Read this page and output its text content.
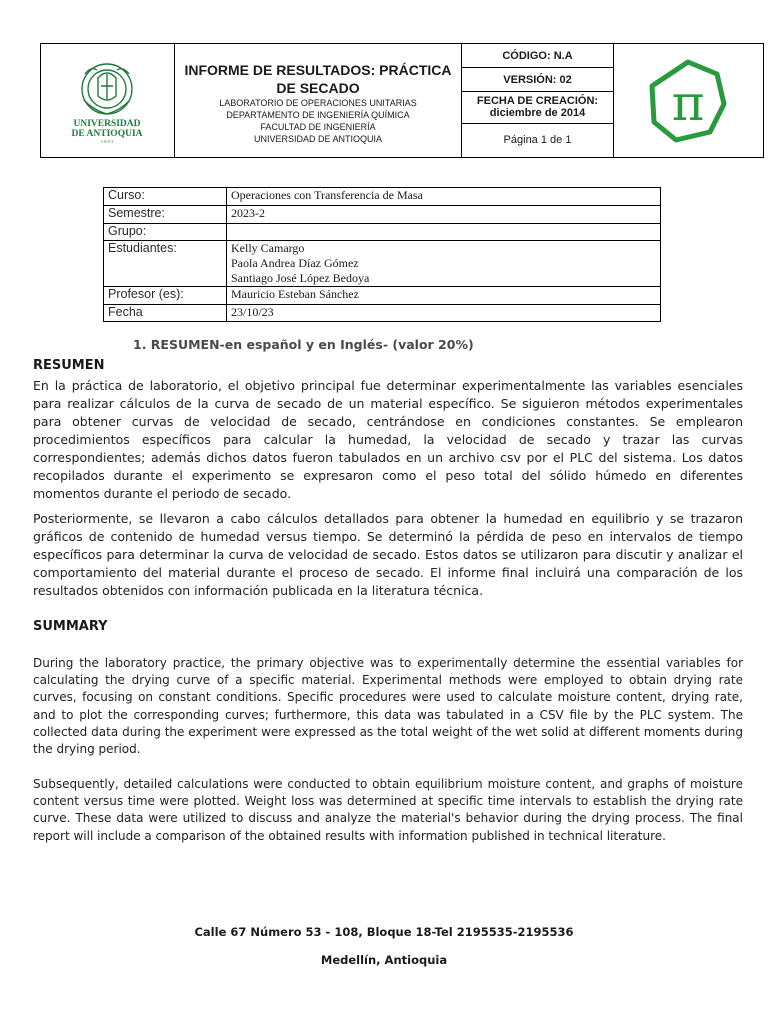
UNIVERSIDAD
DE ANTIOQUIA
1 8 0 3
INFORME DE RESULTADOS: PRÁCTICA DE SECADO
LABORATORIO DE OPERACIONES UNITARIAS
DEPARTAMENTO DE INGENIERÍA QUÍMICA
FACULTAD DE INGENIERÍA
UNIVERSIDAD DE ANTIOQUIA
CÓDIGO: N.A
VERSIÓN: 02
FECHA DE CREACIÓN:
diciembre de 2014
Página 1 de 1
π
Curso:	Operaciones con Transferencia de Masa
Semestre:	2023-2
Grupo:	
Estudiantes:	Kelly Camargo
Paola Andrea Díaz Gómez
Santiago José López Bedoya

Profesor (es):	Mauricio Esteban Sánchez
Fecha	23/10/23
1. RESUMEN-en español y en Inglés- (valor 20%)
RESUMEN
En la práctica de laboratorio, el objetivo principal fue determinar experimentalmente las variables esenciales para realizar cálculos de la curva de secado de un material específico. Se siguieron métodos experimentales para obtener curvas de velocidad de secado, centrándose en condiciones constantes. Se emplearon procedimientos específicos para calcular la humedad, la velocidad de secado y trazar las curvas correspondientes; además dichos datos fueron tabulados en un archivo csv por el PLC del sistema. Los datos recopilados durante el experimento se expresaron como el peso total del sólido húmedo en diferentes momentos durante el periodo de secado.
Posteriormente, se llevaron a cabo cálculos detallados para obtener la humedad en equilibrio y se trazaron gráficos de contenido de humedad versus tiempo. Se determinó la pérdida de peso en intervalos de tiempo específicos para determinar la curva de velocidad de secado. Estos datos se utilizaron para discutir y analizar el comportamiento del material durante el proceso de secado. El informe final incluirá una comparación de los resultados obtenidos con información publicada en la literatura técnica.
SUMMARY
During the laboratory practice, the primary objective was to experimentally determine the essential variables for calculating the drying curve of a specific material. Experimental methods were employed to obtain drying rate curves, focusing on constant conditions. Specific procedures were used to calculate moisture content, drying rate, and to plot the corresponding curves; furthermore, this data was tabulated in a CSV file by the PLC system. The collected data during the experiment were expressed as the total weight of the wet solid at different moments during the drying period.
Subsequently, detailed calculations were conducted to obtain equilibrium moisture content, and graphs of moisture content versus time were plotted. Weight loss was determined at specific time intervals to establish the drying rate curve. These data were utilized to discuss and analyze the material's behavior during the drying process. The final report will include a comparison of the obtained results with information published in technical literature.
Calle 67 Número 53 - 108, Bloque 18-Tel 2195535-2195536
Medellín, Antioquia
